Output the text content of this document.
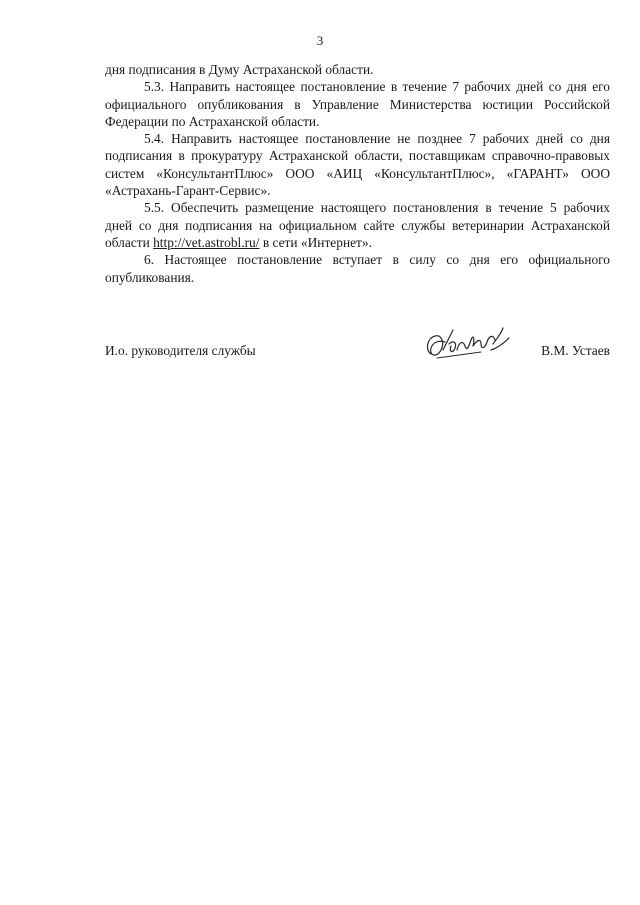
3

дня подписания в Думу Астраханской области.

5.3. Направить настоящее постановление в течение 7 рабочих дней со дня его официального опубликования в Управление Министерства юстиции Российской Федерации по Астраханской области.

5.4. Направить настоящее постановление не позднее 7 рабочих дней со дня подписания в прокуратуру Астраханской области, поставщикам справочно-правовых систем «КонсультантПлюс» ООО «АИЦ «КонсультантПлюс», «ГАРАНТ» ООО «Астрахань-Гарант-Сервис».

5.5. Обеспечить размещение настоящего постановления в течение 5 рабочих дней со дня подписания на официальном сайте службы ветеринарии Астраханской области http://vet.astrobl.ru/ в сети «Интернет».

6. Настоящее постановление вступает в силу со дня его официального опубликования.

И.о. руководителя службы	В.М. Устаев
